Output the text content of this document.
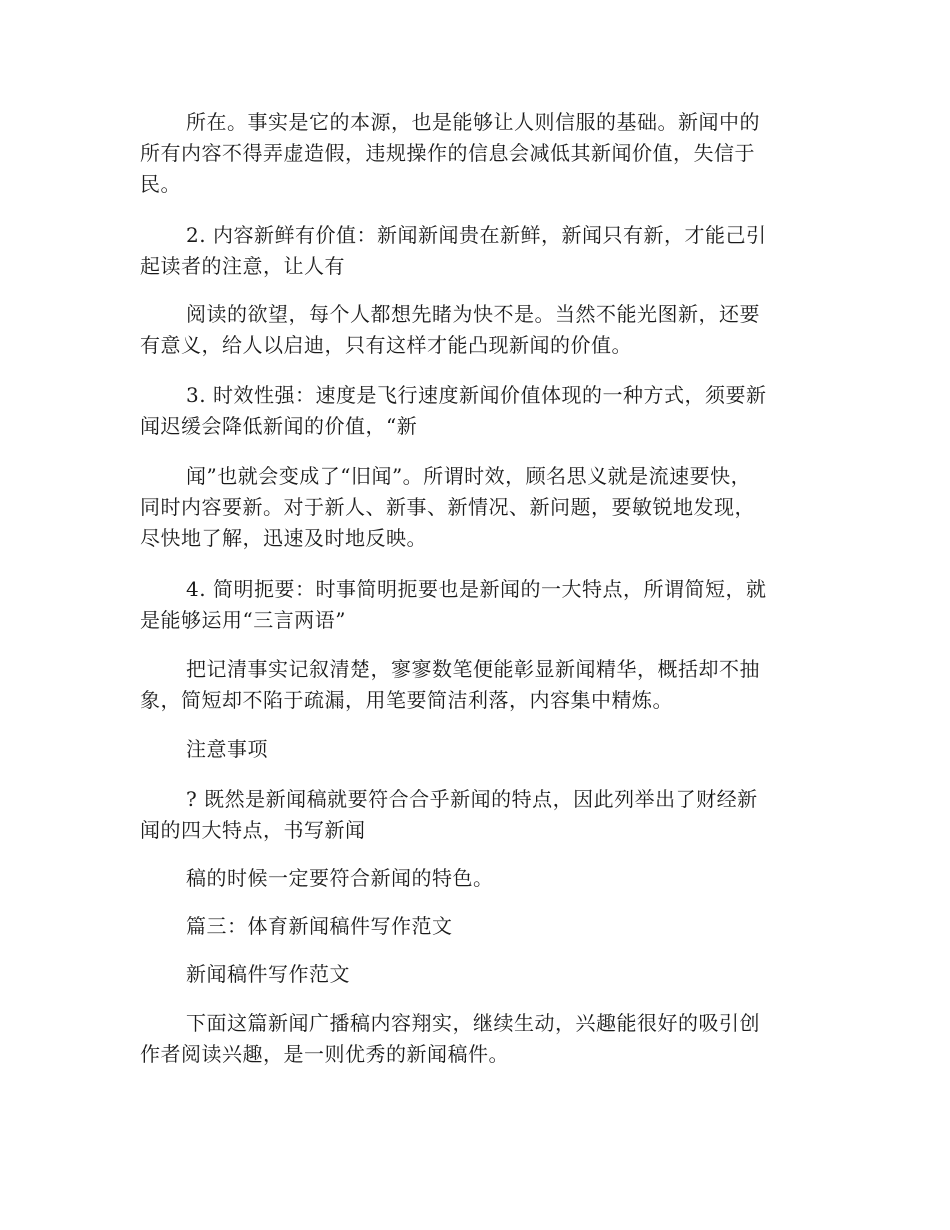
所在。事实是它的本源，也是能够让人则信服的基础。新闻中的
所有内容不得弄虚造假，违规操作的信息会减低其新闻价值，失信于
民。
2. 内容新鲜有价值：新闻新闻贵在新鲜，新闻只有新，才能己引
起读者的注意，让人有
阅读的欲望，每个人都想先睹为快不是。当然不能光图新，还要
有意义，给人以启迪，只有这样才能凸现新闻的价值。
3. 时效性强：速度是飞行速度新闻价值体现的一种方式，须要新
闻迟缓会降低新闻的价值，“新
闻”也就会变成了“旧闻”。所谓时效，顾名思义就是流速要快，
同时内容要新。对于新人、新事、新情况、新问题，要敏锐地发现，
尽快地了解，迅速及时地反映。
4. 简明扼要：时事简明扼要也是新闻的一大特点，所谓简短，就
是能够运用“三言两语”
把记清事实记叙清楚，寥寥数笔便能彰显新闻精华，概括却不抽
象，简短却不陷于疏漏，用笔要简洁利落，内容集中精炼。
注意事项
? 既然是新闻稿就要符合合乎新闻的特点，因此列举出了财经新
闻的四大特点，书写新闻
稿的时候一定要符合新闻的特色。
篇三：体育新闻稿件写作范文
新闻稿件写作范文
下面这篇新闻广播稿内容翔实，继续生动，兴趣能很好的吸引创
作者阅读兴趣，是一则优秀的新闻稿件。
